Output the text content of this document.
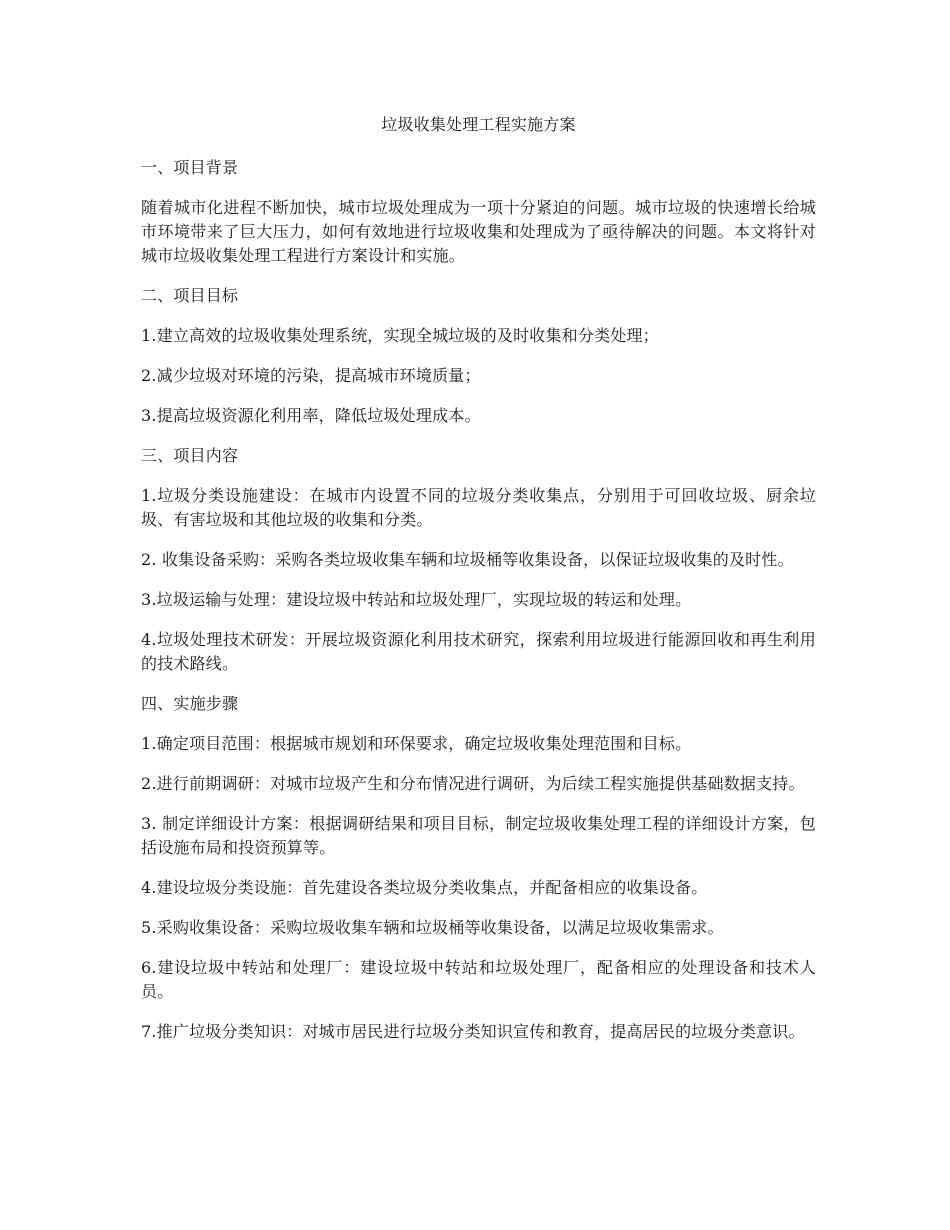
垃圾收集处理工程实施方案
一、项目背景
随着城市化进程不断加快，城市垃圾处理成为一项十分紧迫的问题。城市垃圾的快速增长给城市环境带来了巨大压力，如何有效地进行垃圾收集和处理成为了亟待解决的问题。本文将针对城市垃圾收集处理工程进行方案设计和实施。
二、项目目标
1.建立高效的垃圾收集处理系统，实现全城垃圾的及时收集和分类处理；
2.减少垃圾对环境的污染，提高城市环境质量；
3.提高垃圾资源化利用率，降低垃圾处理成本。
三、项目内容
1.垃圾分类设施建设：在城市内设置不同的垃圾分类收集点，分别用于可回收垃圾、厨余垃圾、有害垃圾和其他垃圾的收集和分类。
2. 收集设备采购：采购各类垃圾收集车辆和垃圾桶等收集设备，以保证垃圾收集的及时性。
3.垃圾运输与处理：建设垃圾中转站和垃圾处理厂，实现垃圾的转运和处理。
4.垃圾处理技术研发：开展垃圾资源化利用技术研究，探索利用垃圾进行能源回收和再生利用的技术路线。
四、实施步骤
1.确定项目范围：根据城市规划和环保要求，确定垃圾收集处理范围和目标。
2.进行前期调研：对城市垃圾产生和分布情况进行调研，为后续工程实施提供基础数据支持。
3. 制定详细设计方案：根据调研结果和项目目标，制定垃圾收集处理工程的详细设计方案，包括设施布局和投资预算等。
4.建设垃圾分类设施：首先建设各类垃圾分类收集点，并配备相应的收集设备。
5.采购收集设备：采购垃圾收集车辆和垃圾桶等收集设备，以满足垃圾收集需求。
6.建设垃圾中转站和处理厂：建设垃圾中转站和垃圾处理厂，配备相应的处理设备和技术人员。
7.推广垃圾分类知识：对城市居民进行垃圾分类知识宣传和教育，提高居民的垃圾分类意识。
